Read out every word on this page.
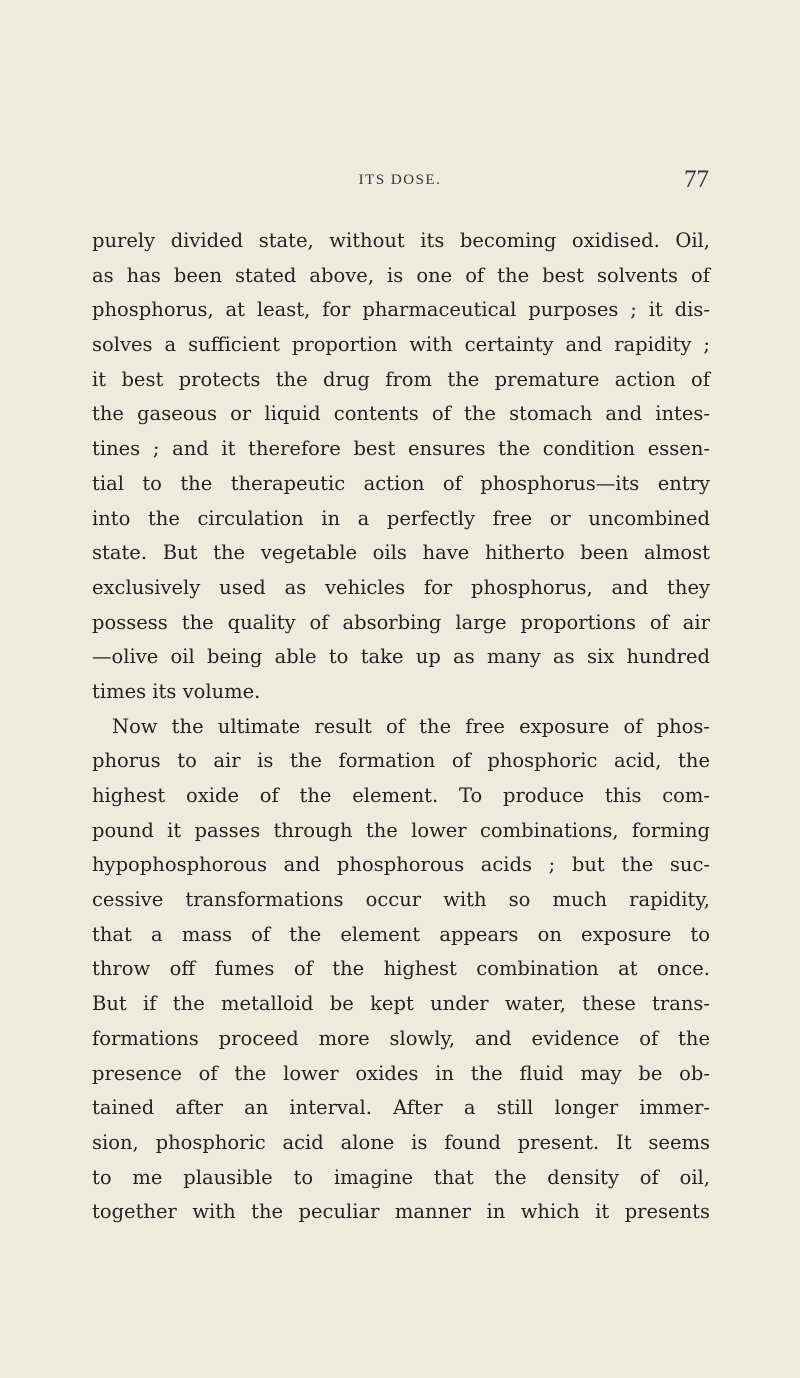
ITS DOSE.	77
purely divided state, without its becoming oxidised. Oil,
as has been stated above, is one of the best solvents of
phosphorus, at least, for pharmaceutical purposes ; it dis-
solves a sufficient proportion with certainty and rapidity ;
it best protects the drug from the premature action of
the gaseous or liquid contents of the stomach and intes-
tines ; and it therefore best ensures the condition essen-
tial to the therapeutic action of phosphorus—its entry
into the circulation in a perfectly free or uncombined
state. But the vegetable oils have hitherto been almost
exclusively used as vehicles for phosphorus, and they
possess the quality of absorbing large proportions of air
—olive oil being able to take up as many as six hundred
times its volume.
Now the ultimate result of the free exposure of phos-
phorus to air is the formation of phosphoric acid, the
highest oxide of the element. To produce this com-
pound it passes through the lower combinations, forming
hypophosphorous and phosphorous acids ; but the suc-
cessive transformations occur with so much rapidity,
that a mass of the element appears on exposure to
throw off fumes of the highest combination at once.
But if the metalloid be kept under water, these trans-
formations proceed more slowly, and evidence of the
presence of the lower oxides in the fluid may be ob-
tained after an interval. After a still longer immer-
sion, phosphoric acid alone is found present. It seems
to me plausible to imagine that the density of oil,
together with the peculiar manner in which it presents
